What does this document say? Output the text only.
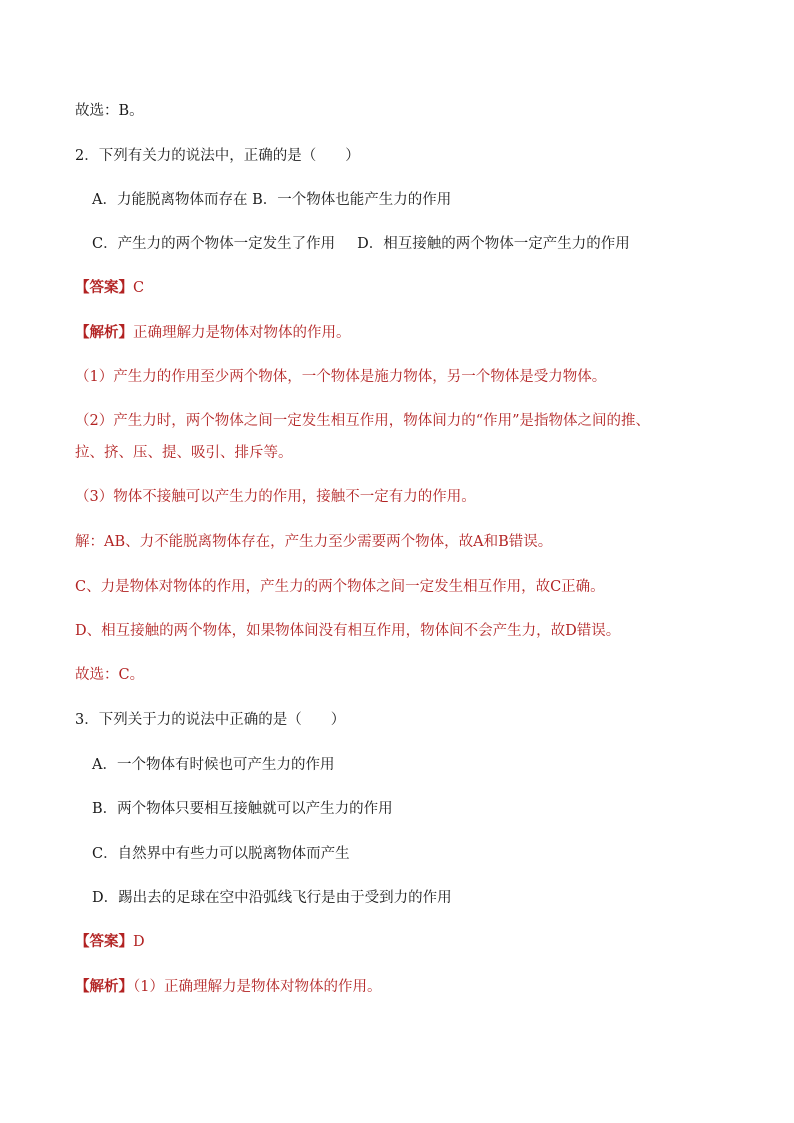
故选：B。
2．下列有关力的说法中，正确的是（　　）
A．力能脱离物体而存在 B．一个物体也能产生力的作用
C．产生力的两个物体一定发生了作用 D．相互接触的两个物体一定产生力的作用
【答案】C
【解析】正确理解力是物体对物体的作用。
（1）产生力的作用至少两个物体，一个物体是施力物体，另一个物体是受力物体。
（2）产生力时，两个物体之间一定发生相互作用，物体间力的“作用”是指物体之间的推、
拉、挤、压、提、吸引、排斥等。
（3）物体不接触可以产生力的作用，接触不一定有力的作用。
解：AB、力不能脱离物体存在，产生力至少需要两个物体，故A和B错误。
C、力是物体对物体的作用，产生力的两个物体之间一定发生相互作用，故C正确。
D、相互接触的两个物体，如果物体间没有相互作用，物体间不会产生力，故D错误。
故选：C。
3．下列关于力的说法中正确的是（　　）
A．一个物体有时候也可产生力的作用
B．两个物体只要相互接触就可以产生力的作用
C．自然界中有些力可以脱离物体而产生
D．踢出去的足球在空中沿弧线飞行是由于受到力的作用
【答案】D
【解析】（1）正确理解力是物体对物体的作用。
